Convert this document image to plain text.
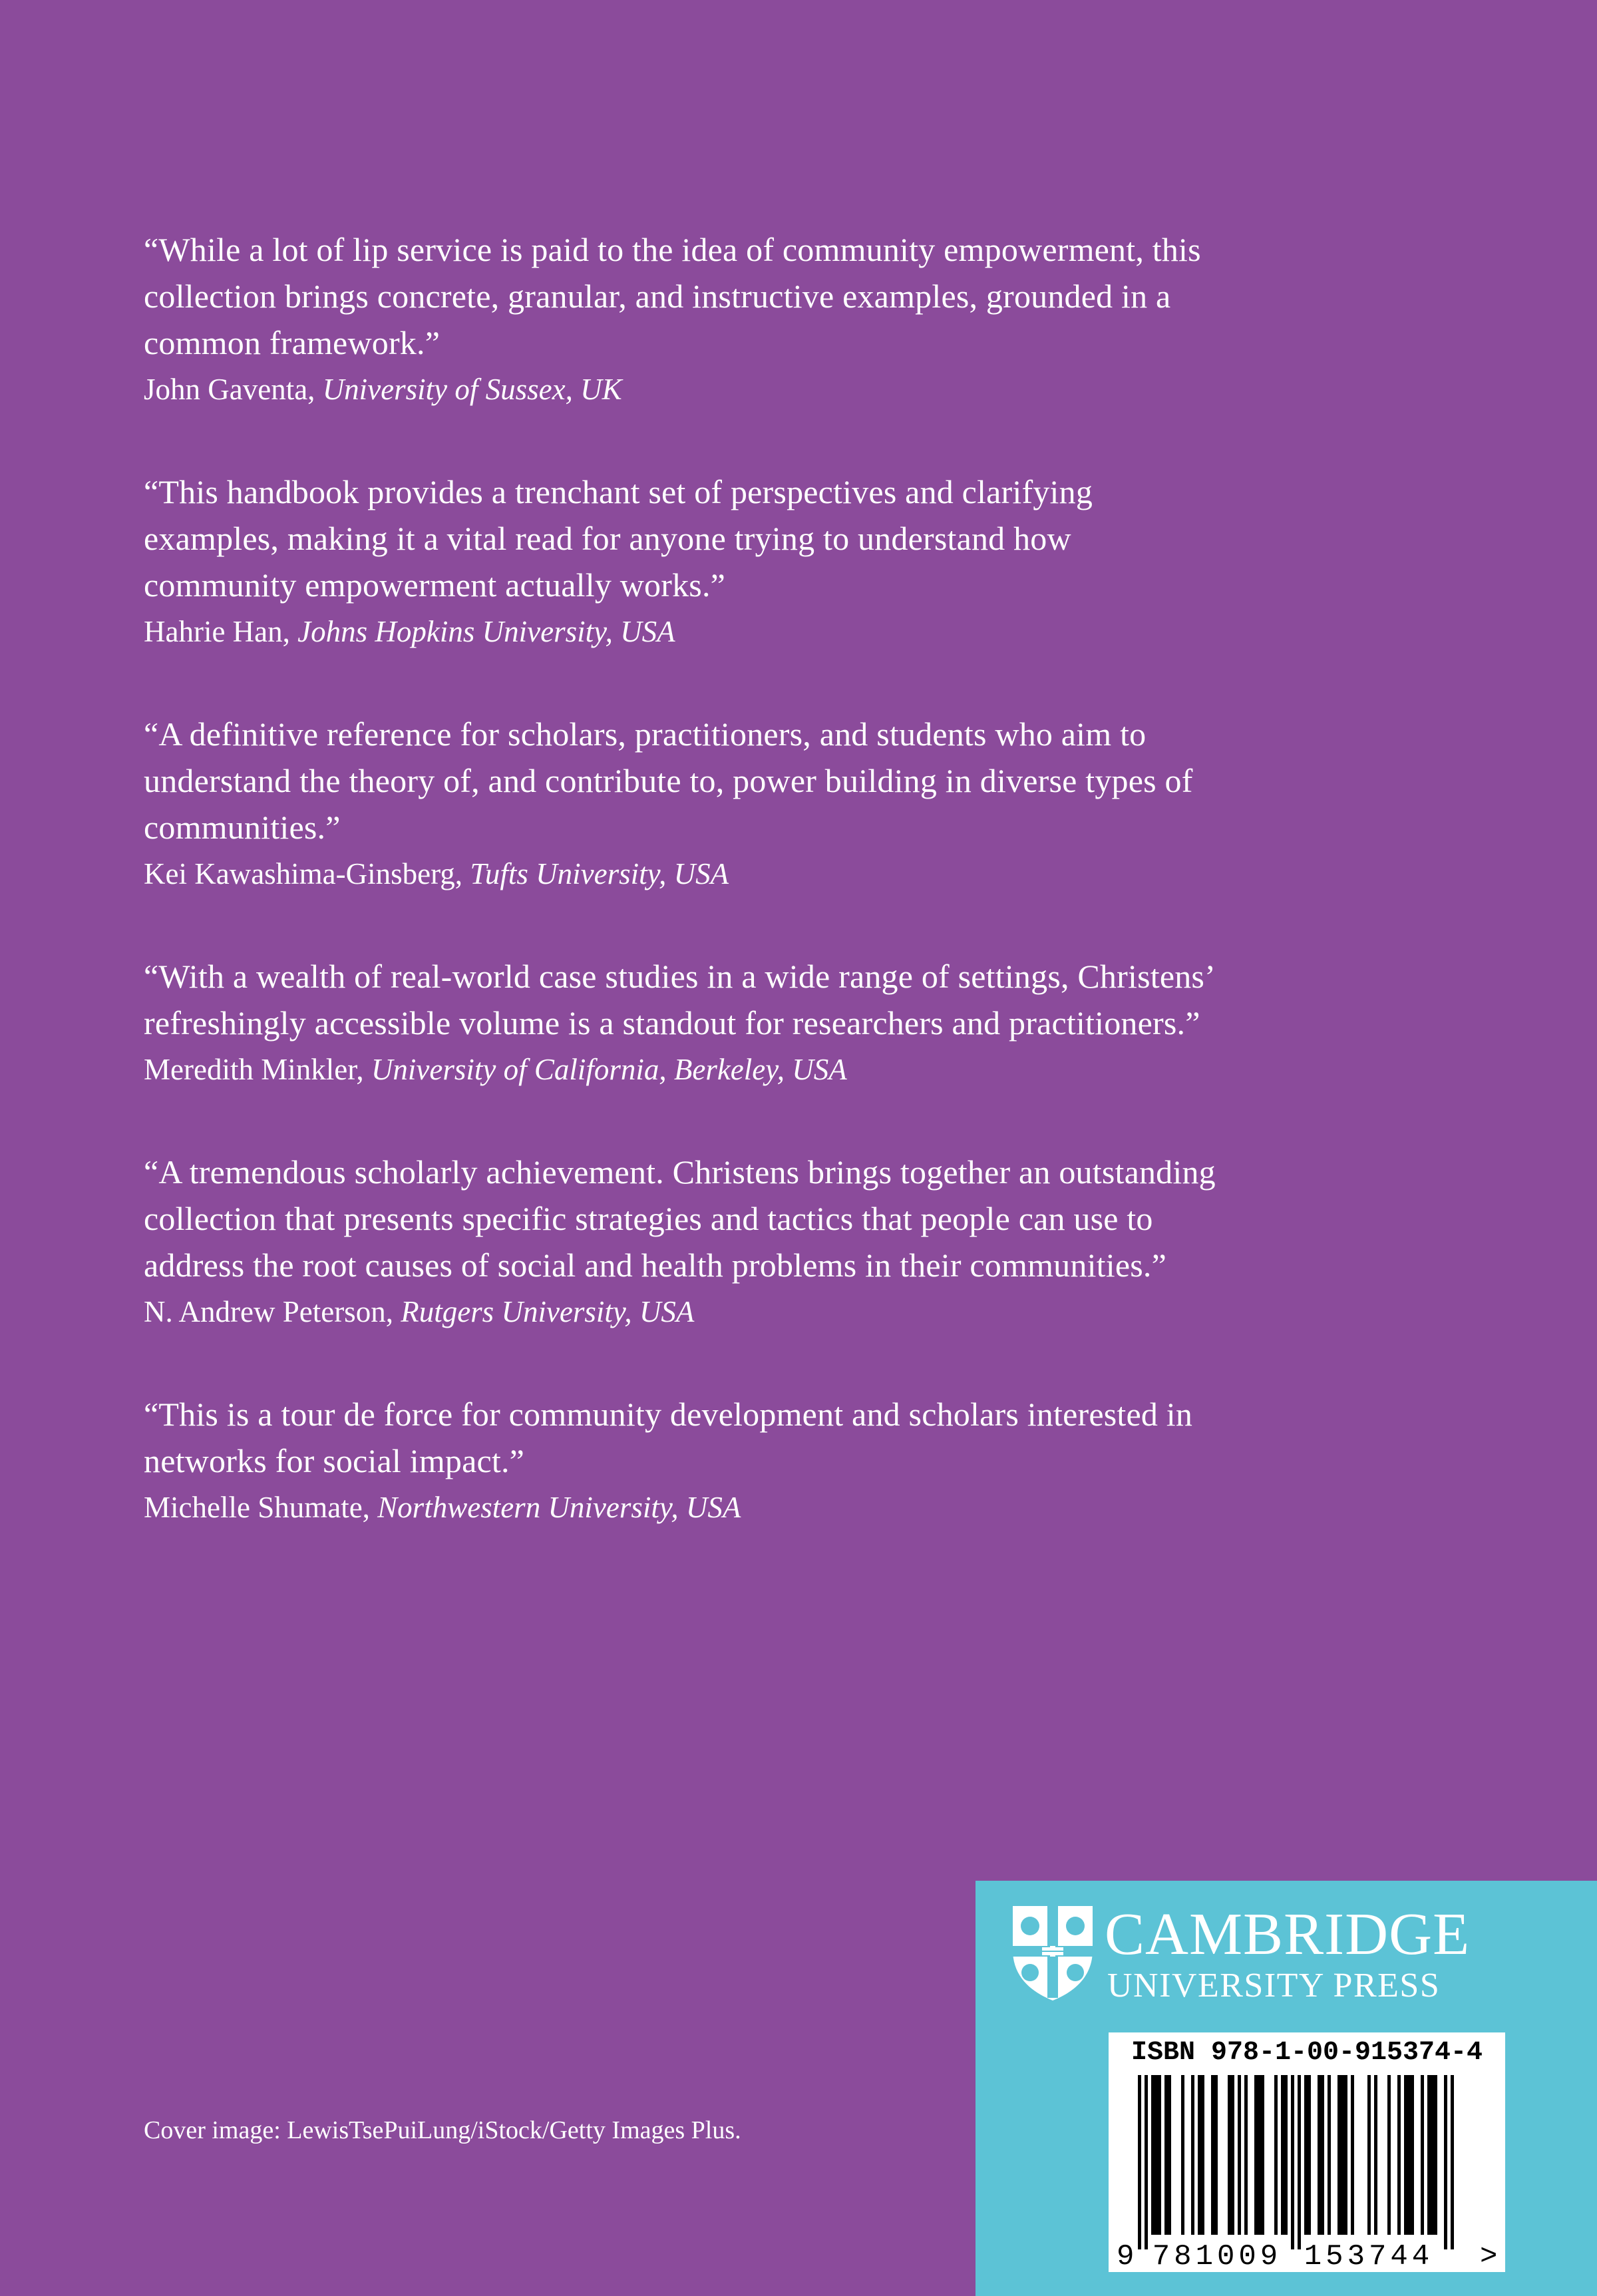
“While a lot of lip service is paid to the idea of community empowerment, this
collection brings concrete, granular, and instructive examples, grounded in a
common framework.”

John Gaventa, University of Sussex, UK

“This handbook provides a trenchant set of perspectives and clarifying
examples, making it a vital read for anyone trying to understand how
community empowerment actually works.”

Hahrie Han, Johns Hopkins University, USA

“A definitive reference for scholars, practitioners, and students who aim to
understand the theory of, and contribute to, power building in diverse types of
communities.”

Kei Kawashima-Ginsberg, Tufts University, USA

“With a wealth of real-world case studies in a wide range of settings, Christens’
refreshingly accessible volume is a standout for researchers and practitioners.”

Meredith Minkler, University of California, Berkeley, USA

“A tremendous scholarly achievement. Christens brings together an outstanding
collection that presents specific strategies and tactics that people can use to
address the root causes of social and health problems in their communities.”

N. Andrew Peterson, Rutgers University, USA

“This is a tour de force for community development and scholars interested in
networks for social impact.”

Michelle Shumate, Northwestern University, USA

Cover image: LewisTsePuiLung/iStock/Getty Images Plus.
CAMBRIDGE
UNIVERSITY PRESS
ISBN 978-1-00-915374-4
9 781009 153744 >
